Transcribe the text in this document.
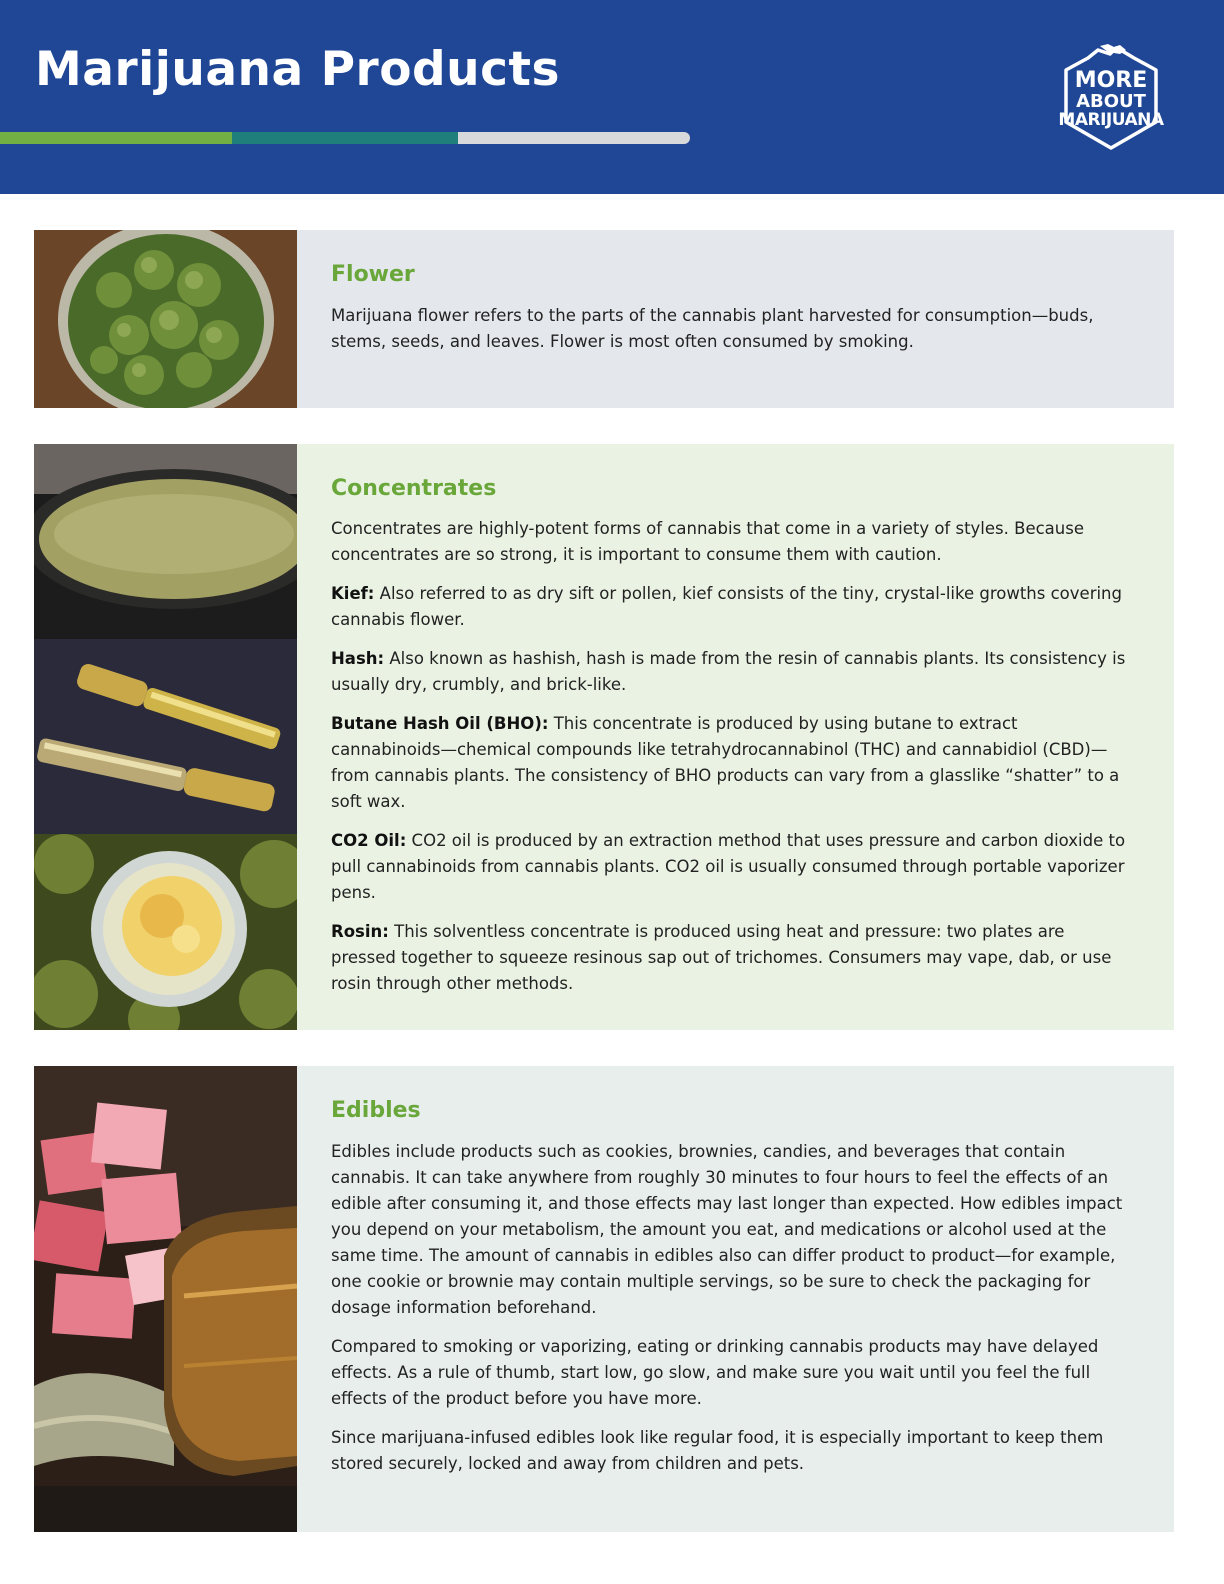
Marijuana Products	MORE
ABOUT
MARIJUANA
Flower

Marijuana flower refers to the parts of the cannabis plant harvested for consumption—buds, stems, seeds, and leaves. Flower is most often consumed by smoking.

Concentrates

Concentrates are highly-potent forms of cannabis that come in a variety of styles. Because concentrates are so strong, it is important to consume them with caution.

Kief: Also referred to as dry sift or pollen, kief consists of the tiny, crystal-like growths covering cannabis flower.

Hash: Also known as hashish, hash is made from the resin of cannabis plants. Its consistency is usually dry, crumbly, and brick-like.

Butane Hash Oil (BHO): This concentrate is produced by using butane to extract cannabinoids—chemical compounds like tetrahydrocannabinol (THC) and cannabidiol (CBD)—from cannabis plants. The consistency of BHO products can vary from a glasslike “shatter” to a soft wax.

CO2 Oil: CO2 oil is produced by an extraction method that uses pressure and carbon dioxide to pull cannabinoids from cannabis plants. CO2 oil is usually consumed through portable vaporizer pens.

Rosin: This solventless concentrate is produced using heat and pressure: two plates are pressed together to squeeze resinous sap out of trichomes. Consumers may vape, dab, or use rosin through other methods.

Edibles

Edibles include products such as cookies, brownies, candies, and beverages that contain cannabis. It can take anywhere from roughly 30 minutes to four hours to feel the effects of an edible after consuming it, and those effects may last longer than expected. How edibles impact you depend on your metabolism, the amount you eat, and medications or alcohol used at the same time. The amount of cannabis in edibles also can differ product to product—for example, one cookie or brownie may contain multiple servings, so be sure to check the packaging for dosage information beforehand.

Compared to smoking or vaporizing, eating or drinking cannabis products may have delayed effects. As a rule of thumb, start low, go slow, and make sure you wait until you feel the full effects of the product before you have more.

Since marijuana-infused edibles look like regular food, it is especially important to keep them stored securely, locked and away from children and pets.
